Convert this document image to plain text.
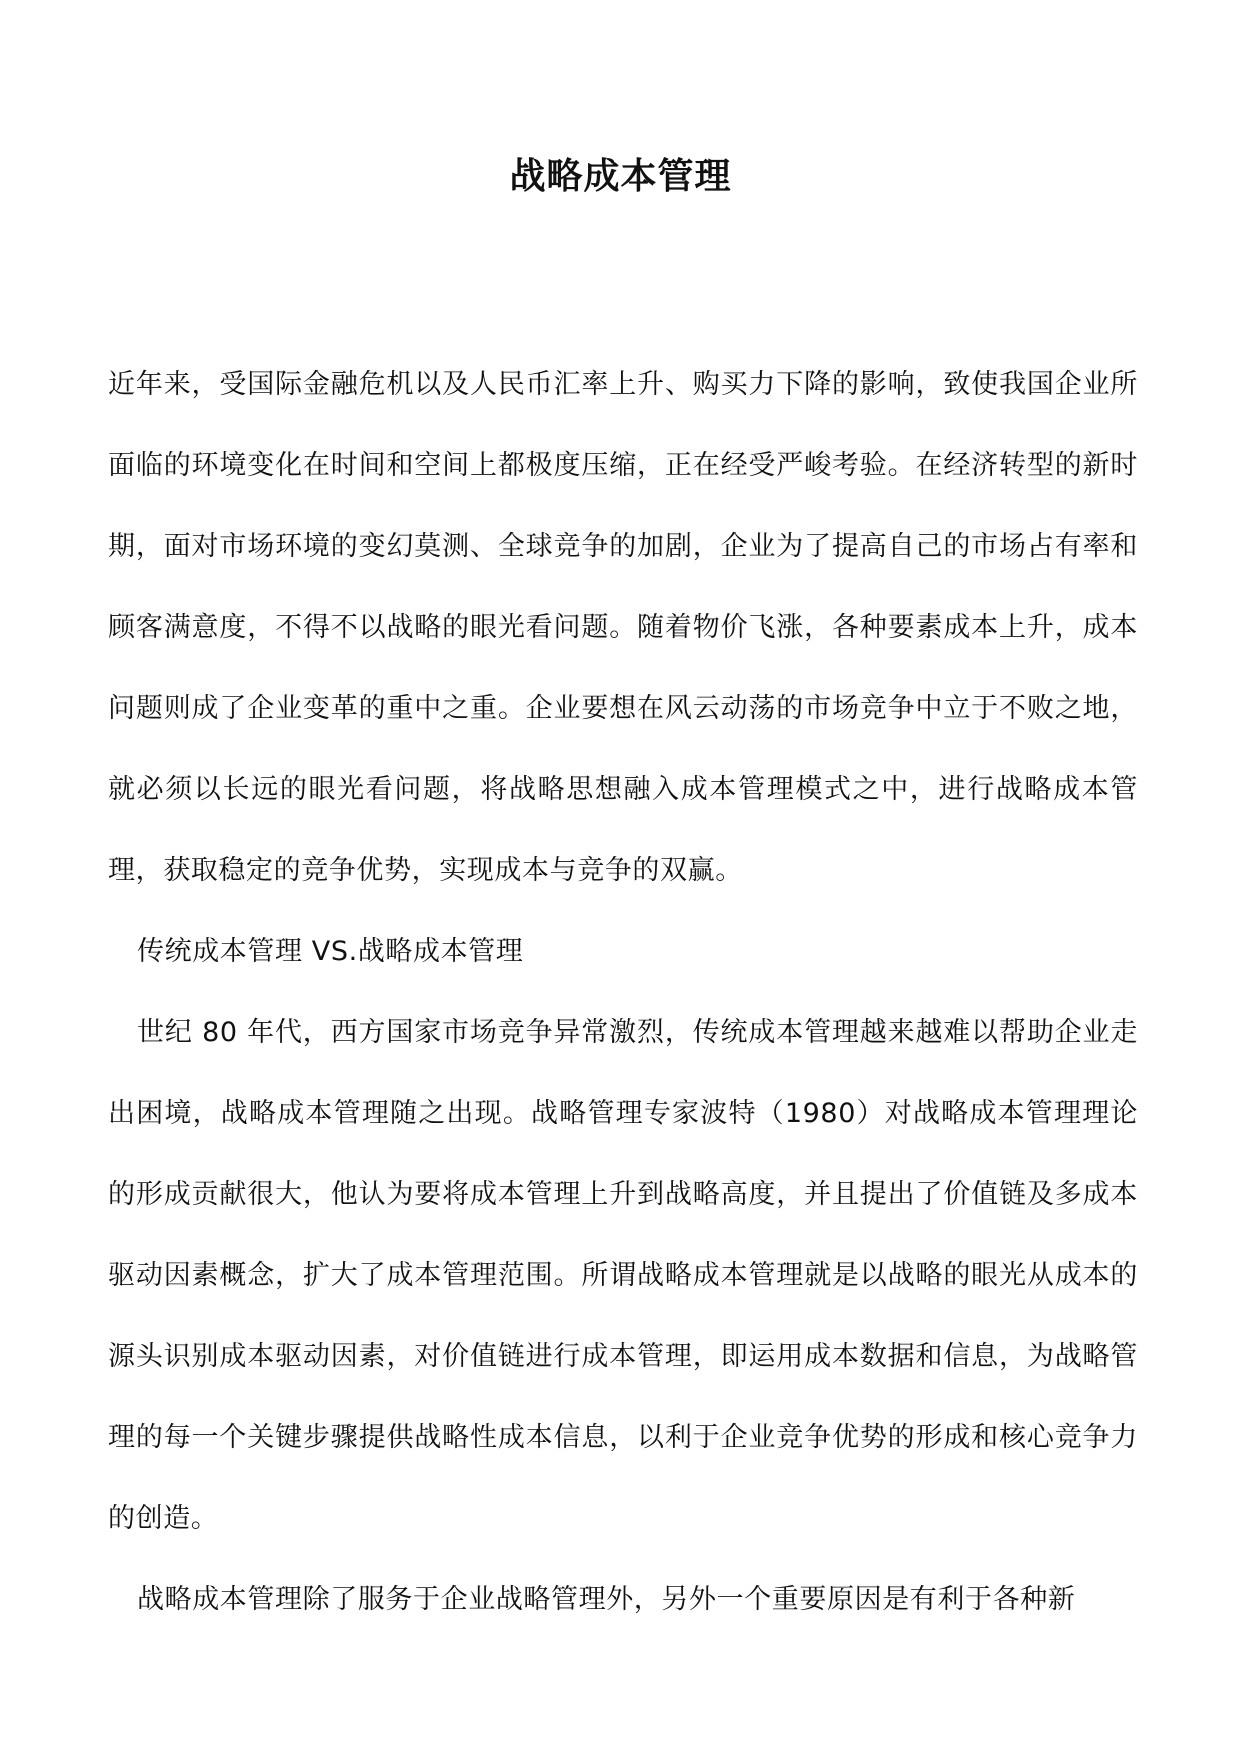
战略成本管理

近年来，受国际金融危机以及人民币汇率上升、购买力下降的影响，致使我国企业所面临的环境变化在时间和空间上都极度压缩，正在经受严峻考验。在经济转型的新时期，面对市场环境的变幻莫测、全球竞争的加剧，企业为了提高自己的市场占有率和顾客满意度，不得不以战略的眼光看问题。随着物价飞涨，各种要素成本上升，成本问题则成了企业变革的重中之重。企业要想在风云动荡的市场竞争中立于不败之地，就必须以长远的眼光看问题，将战略思想融入成本管理模式之中，进行战略成本管理，获取稳定的竞争优势，实现成本与竞争的双赢。

传统成本管理 VS.战略成本管理

世纪 80 年代，西方国家市场竞争异常激烈，传统成本管理越来越难以帮助企业走出困境，战略成本管理随之出现。战略管理专家波特（1980）对战略成本管理理论的形成贡献很大，他认为要将成本管理上升到战略高度，并且提出了价值链及多成本驱动因素概念，扩大了成本管理范围。所谓战略成本管理就是以战略的眼光从成本的源头识别成本驱动因素，对价值链进行成本管理，即运用成本数据和信息，为战略管理的每一个关键步骤提供战略性成本信息，以利于企业竞争优势的形成和核心竞争力的创造。

战略成本管理除了服务于企业战略管理外，另外一个重要原因是有利于各种新
